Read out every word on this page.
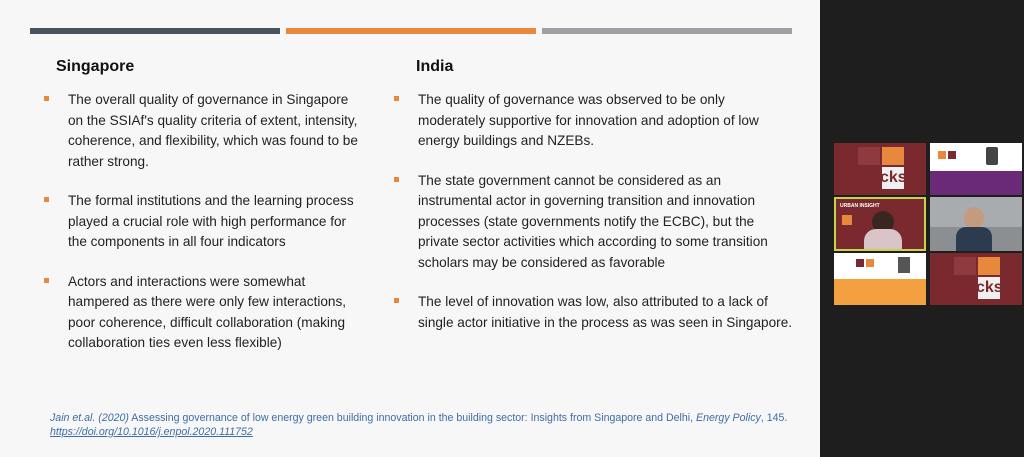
Singapore	India
The overall quality of governance in Singapore on the SSIAf's quality criteria of extent, intensity, coherence, and flexibility, which was found to be rather strong.
The formal institutions and the learning process played a crucial role with high performance for the components in all four indicators
Actors and interactions were somewhat hampered as there were only few interactions, poor coherence, difficult collaboration (making collaboration ties even less flexible)
The quality of governance was observed to be only moderately supportive for innovation and adoption of low energy buildings and NZEBs.
The state government cannot be considered as an instrumental actor in governing transition and innovation processes (state governments notify the ECBC), but the private sector activities which according to some transition scholars may be considered as favorable
The level of innovation was low, also attributed to a lack of single actor initiative in the process as was seen in Singapore.
Jain et.al. (2020) Assessing governance of low energy green building innovation in the building sector: Insights from Singapore and Delhi, Energy Policy, 145. https://doi.org/10.1016/j.enpol.2020.111752
cks
URBAN INSIGHT
cks
